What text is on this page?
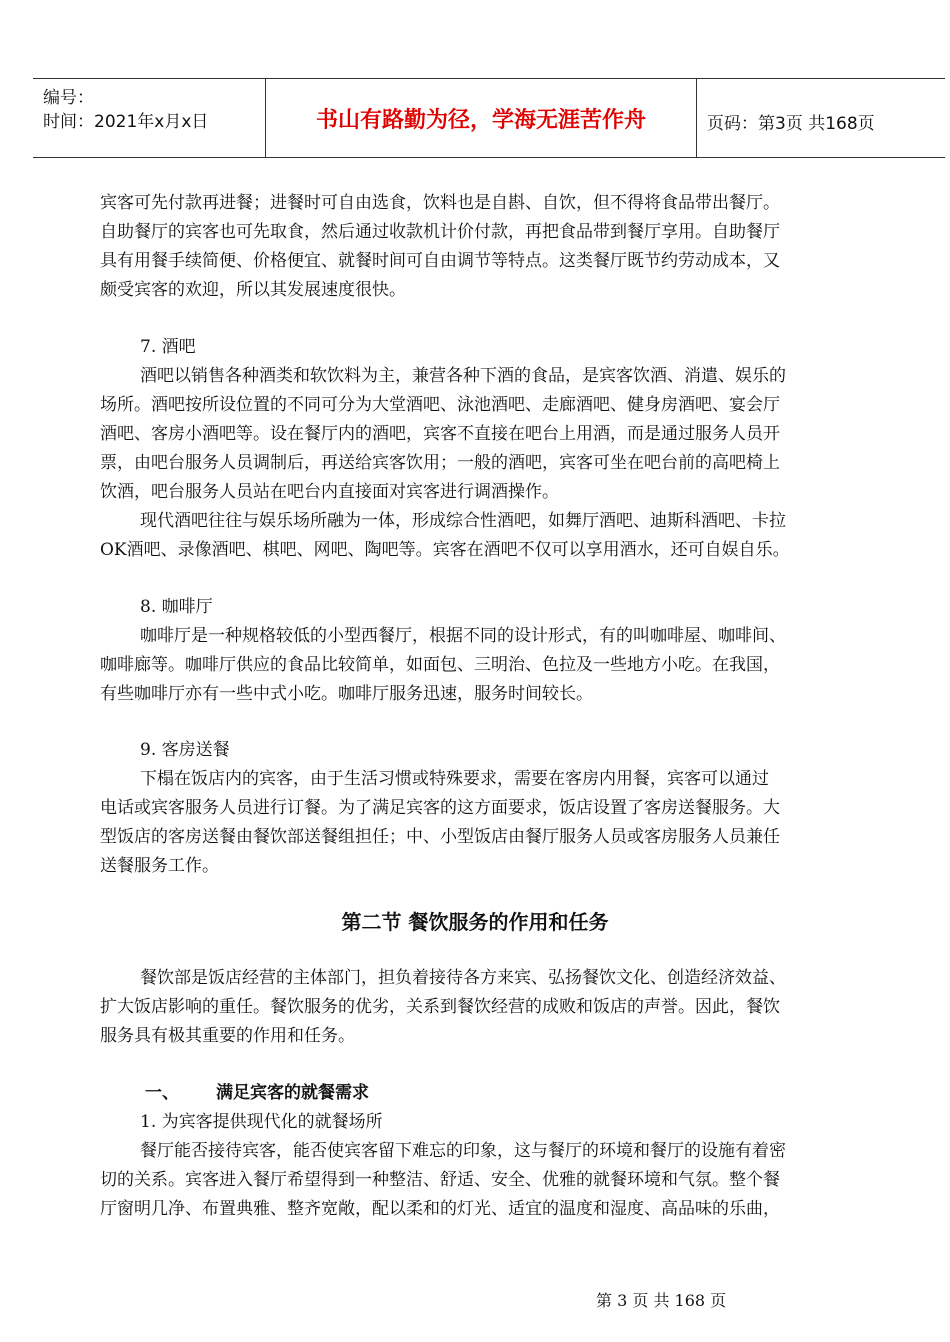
编号：
时间：2021年x月x日	书山有路勤为径，学海无涯苦作舟	页码：第3页 共168页
宾客可先付款再进餐；进餐时可自由选食，饮料也是自斟、自饮，但不得将食品带出餐厅。
自助餐厅的宾客也可先取食，然后通过收款机计价付款，再把食品带到餐厅享用。自助餐厅
具有用餐手续简便、价格便宜、就餐时间可自由调节等特点。这类餐厅既节约劳动成本，又
颇受宾客的欢迎，所以其发展速度很快。
7. 酒吧
酒吧以销售各种酒类和软饮料为主，兼营各种下酒的食品，是宾客饮酒、消遣、娱乐的
场所。酒吧按所设位置的不同可分为大堂酒吧、泳池酒吧、走廊酒吧、健身房酒吧、宴会厅
酒吧、客房小酒吧等。设在餐厅内的酒吧，宾客不直接在吧台上用酒，而是通过服务人员开
票，由吧台服务人员调制后，再送给宾客饮用；一般的酒吧，宾客可坐在吧台前的高吧椅上
饮酒，吧台服务人员站在吧台内直接面对宾客进行调酒操作。
现代酒吧往往与娱乐场所融为一体，形成综合性酒吧，如舞厅酒吧、迪斯科酒吧、卡拉
OK酒吧、录像酒吧、棋吧、网吧、陶吧等。宾客在酒吧不仅可以享用酒水，还可自娱自乐。
8. 咖啡厅
咖啡厅是一种规格较低的小型西餐厅，根据不同的设计形式，有的叫咖啡屋、咖啡间、
咖啡廊等。咖啡厅供应的食品比较简单，如面包、三明治、色拉及一些地方小吃。在我国，
有些咖啡厅亦有一些中式小吃。咖啡厅服务迅速，服务时间较长。
9. 客房送餐
下榻在饭店内的宾客，由于生活习惯或特殊要求，需要在客房内用餐，宾客可以通过
电话或宾客服务人员进行订餐。为了满足宾客的这方面要求，饭店设置了客房送餐服务。大
型饭店的客房送餐由餐饮部送餐组担任；中、小型饭店由餐厅服务人员或客房服务人员兼任
送餐服务工作。
第二节 餐饮服务的作用和任务
餐饮部是饭店经营的主体部门，担负着接待各方来宾、弘扬餐饮文化、创造经济效益、
扩大饭店影响的重任。餐饮服务的优劣，关系到餐饮经营的成败和饭店的声誉。因此，餐饮
服务具有极其重要的作用和任务。
一、 满足宾客的就餐需求
1. 为宾客提供现代化的就餐场所
餐厅能否接待宾客，能否使宾客留下难忘的印象，这与餐厅的环境和餐厅的设施有着密
切的关系。宾客进入餐厅希望得到一种整洁、舒适、安全、优雅的就餐环境和气氛。整个餐
厅窗明几净、布置典雅、整齐宽敞，配以柔和的灯光、适宜的温度和湿度、高品味的乐曲，
第 3 页 共 168 页
